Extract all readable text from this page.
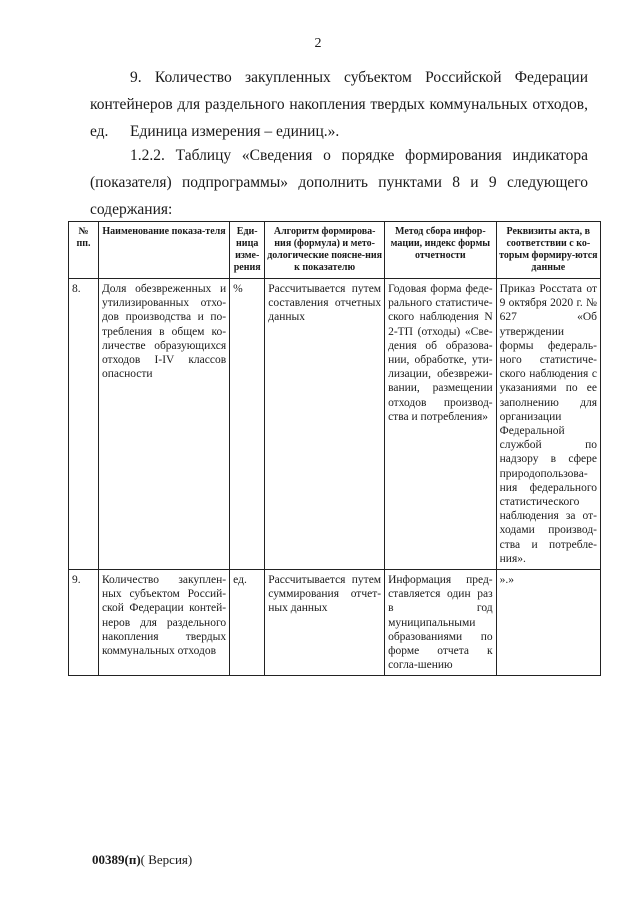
2

9. Количество закупленных субъектом Российской Федерации контейнеров для раздельного накопления твердых коммунальных отходов, ед.	Единица измерения – единиц.».

1.2.2. Таблицу «Сведения о порядке формирования индикатора (показателя) подпрограммы» дополнить пунктами 8 и 9 следующего содержания:

№ пп.	Наименование показа-теля	Еди-ница изме-рения	Алгоритм формирова-ния (формула) и мето-дологические поясне-ния к показателю	Метод сбора инфор-мации, индекс формы отчетности	Реквизиты акта, в соответствии с ко-торым формиру-ются данные
8.	Доля обезвреженных и утилизированных отхо-дов производства и по-требления в общем ко-личестве образующихся отходов I-IV классов опасности	%	Рассчитывается путем составления отчетных данных	Годовая форма феде-рального статистиче-ского наблюдения N 2-ТП (отходы) «Све-дения об образова-нии, обработке, ути-лизации, обезврежи-вании, размещении отходов производ-ства и потребления»	Приказ Росстата от 9 октября 2020 г. № 627 «Об утверждении формы федераль-ного статистиче-ского наблюдения с указаниями по ее заполнению для организации Федеральной службой по надзору в сфере природопользова-ния федерального статистического наблюдения за от-ходами производ-ства и потребле-ния».
9.	Количество закуплен-ных субъектом Россий-ской Федерации контей-неров для раздельного накопления твердых коммунальных отходов	ед.	Рассчитывается путем суммирования отчет-ных данных	Информация пред-ставляется один раз в год муниципальными образованиями по форме отчета к согла-шению	».»
00389(п)( Версия)
